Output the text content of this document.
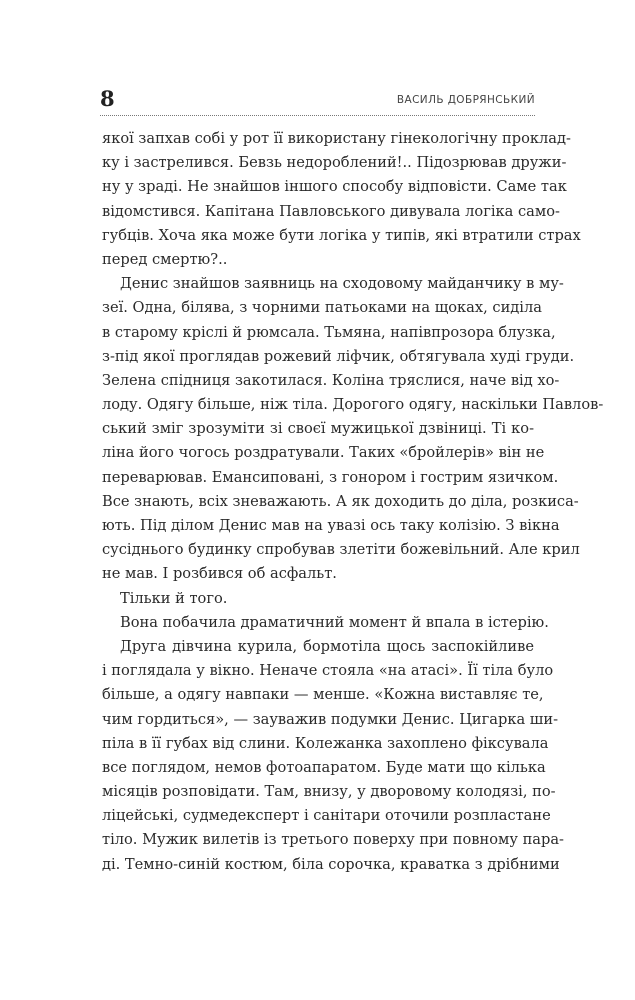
8	ВАСИЛЬ ДОБРЯНСЬКИЙ
якої запхав собі у рот її використану гінекологічну проклад-
ку і застрелився. Бевзь недороблений!.. Підозрював дружи-
ну у зраді. Не знайшов іншого способу відповісти. Саме так
відомстився. Капітана Павловського дивувала логіка само-
губців. Хоча яка може бути логіка у типів, які втратили страх
перед смертю?..
Денис знайшов заявниць на сходовому майданчику в му-
зеї. Одна, білява, з чорними патьоками на щоках, сиділа
в старому кріслі й рюмсала. Тьмяна, напівпрозора блузка,
з-під якої проглядав рожевий ліфчик, обтягувала худі груди.
Зелена спідниця закотилася. Коліна тряслися, наче від хо-
лоду. Одягу більше, ніж тіла. Дорогого одягу, наскільки Павлов-
ський зміг зрозуміти зі своєї мужицької дзвіниці. Ті ко-
ліна його чогось роздратували. Таких «бройлерів» він не
переварював. Емансиповані, з гонором і гострим язичком.
Все знають, всіх зневажають. А як доходить до діла, розкиса-
ють. Під ділом Денис мав на увазі ось таку колізію. З вікна
сусіднього будинку спробував злетіти божевільний. Але крил
не мав. І розбився об асфальт.
Тільки й того.
Вона побачила драматичний момент й впала в істерію.
Друга дівчина курила, бормотіла щось заспокійливе
і поглядала у вікно. Неначе стояла «на атасі». Її тіла було
більше, а одягу навпаки — менше. «Кожна виставляє те,
чим гордиться», — зауважив подумки Денис. Цигарка ши-
піла в її губах від слини. Колежанка захоплено фіксувала
все поглядом, немов фотоапаратом. Буде мати що кілька
місяців розповідати. Там, внизу, у дворовому колодязі, по-
ліцейські, судмедексперт і санітари оточили розпластане
тіло. Мужик вилетів із третього поверху при повному пара-
ді. Темно-синій костюм, біла сорочка, краватка з дрібними
